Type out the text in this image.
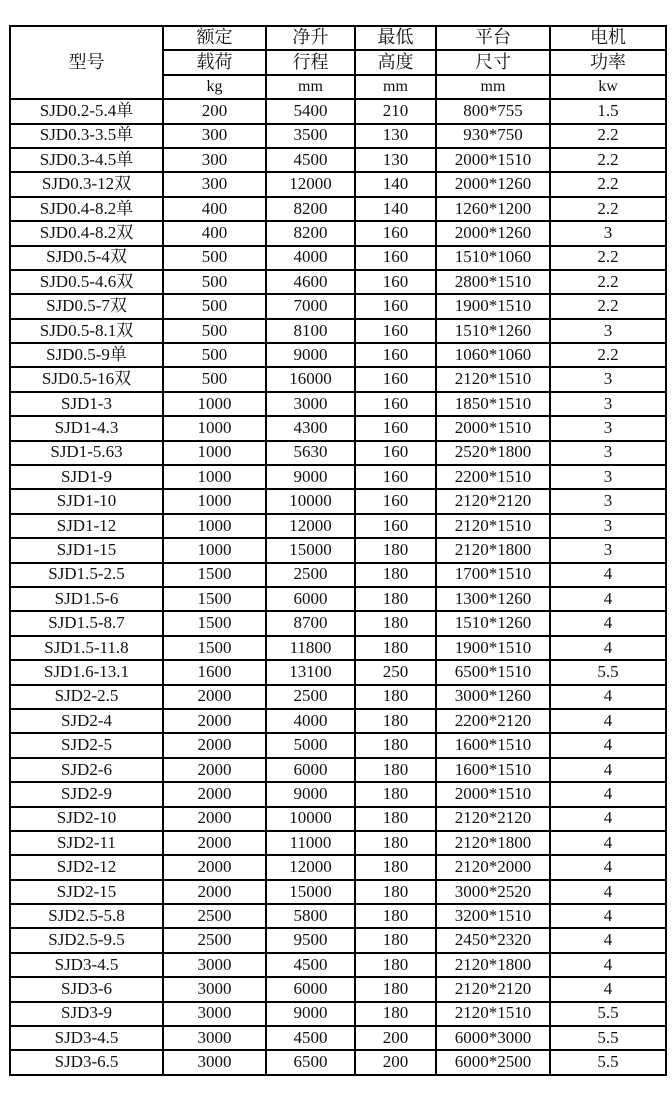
型号	额定	净升	最低	平台	电机
	载荷	行程	高度	尺寸	功率
	kg	mm	mm	mm	kw
SJD0.2-5.4单	200	5400	210	800*755	1.5
SJD0.3-3.5单	300	3500	130	930*750	2.2
SJD0.3-4.5单	300	4500	130	2000*1510	2.2
SJD0.3-12双	300	12000	140	2000*1260	2.2
SJD0.4-8.2单	400	8200	140	1260*1200	2.2
SJD0.4-8.2双	400	8200	160	2000*1260	3
SJD0.5-4双	500	4000	160	1510*1060	2.2
SJD0.5-4.6双	500	4600	160	2800*1510	2.2
SJD0.5-7双	500	7000	160	1900*1510	2.2
SJD0.5-8.1双	500	8100	160	1510*1260	3
SJD0.5-9单	500	9000	160	1060*1060	2.2
SJD0.5-16双	500	16000	160	2120*1510	3
SJD1-3	1000	3000	160	1850*1510	3
SJD1-4.3	1000	4300	160	2000*1510	3
SJD1-5.63	1000	5630	160	2520*1800	3
SJD1-9	1000	9000	160	2200*1510	3
SJD1-10	1000	10000	160	2120*2120	3
SJD1-12	1000	12000	160	2120*1510	3
SJD1-15	1000	15000	180	2120*1800	3
SJD1.5-2.5	1500	2500	180	1700*1510	4
SJD1.5-6	1500	6000	180	1300*1260	4
SJD1.5-8.7	1500	8700	180	1510*1260	4
SJD1.5-11.8	1500	11800	180	1900*1510	4
SJD1.6-13.1	1600	13100	250	6500*1510	5.5
SJD2-2.5	2000	2500	180	3000*1260	4
SJD2-4	2000	4000	180	2200*2120	4
SJD2-5	2000	5000	180	1600*1510	4
SJD2-6	2000	6000	180	1600*1510	4
SJD2-9	2000	9000	180	2000*1510	4
SJD2-10	2000	10000	180	2120*2120	4
SJD2-11	2000	11000	180	2120*1800	4
SJD2-12	2000	12000	180	2120*2000	4
SJD2-15	2000	15000	180	3000*2520	4
SJD2.5-5.8	2500	5800	180	3200*1510	4
SJD2.5-9.5	2500	9500	180	2450*2320	4
SJD3-4.5	3000	4500	180	2120*1800	4
SJD3-6	3000	6000	180	2120*2120	4
SJD3-9	3000	9000	180	2120*1510	5.5
SJD3-4.5	3000	4500	200	6000*3000	5.5
SJD3-6.5	3000	6500	200	6000*2500	5.5
